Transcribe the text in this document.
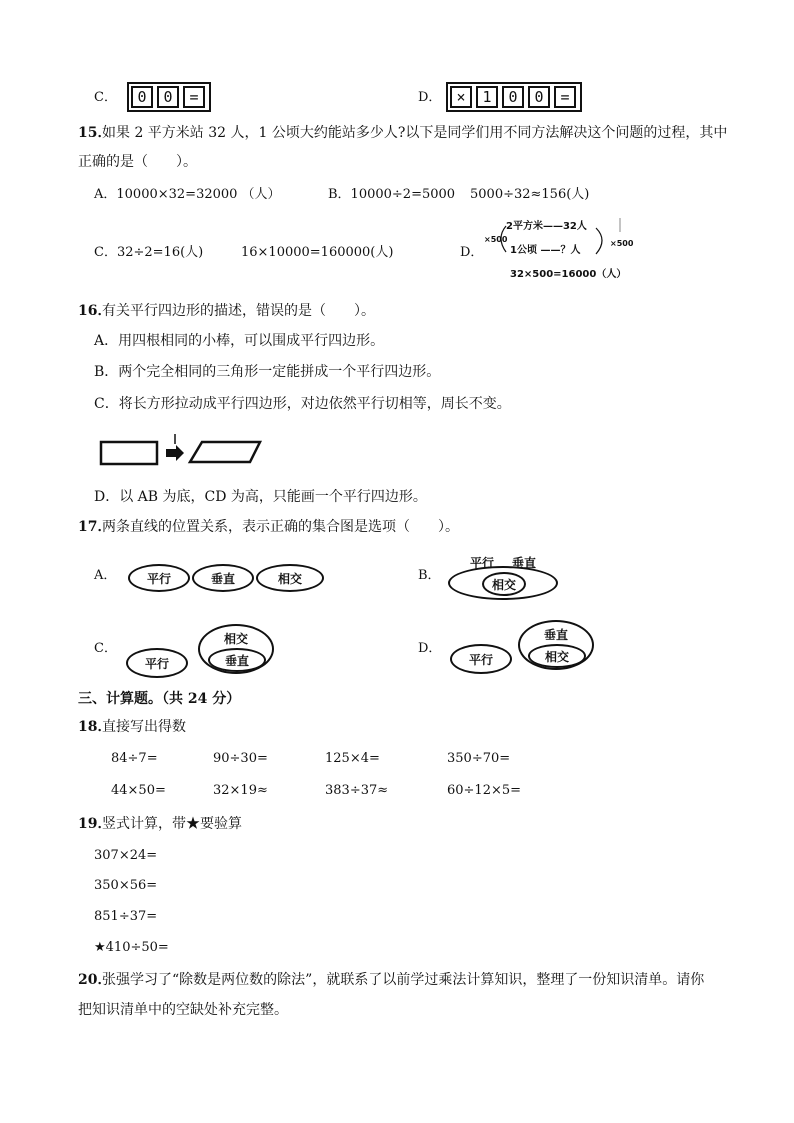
C．	0	0	=	D．	×	1	0	0	=
15．
如果 2 平方米站 32 人，1 公顷大约能站多少人?以下是同学们用不同方法解决这个问题的过程，其中
正确的是（　　）。
A．10000×32=32000 （人）	B．10000÷2=5000 5000÷32≈156(人)
C．32÷2=16(人)	16×10000=160000(人)	D．
2平方米——32人
1公顷 ——？人
32×500=16000（人）
×500	×500
16．
有关平行四边形的描述，错误的是（　　）。
A．用四根相同的小棒，可以围成平行四边形。
B．两个完全相同的三角形一定能拼成一个平行四边形。
C．将长方形拉动成平行四边形，对边依然平行切相等，周长不变。
D．以 AB 为底，CD 为高，只能画一个平行四边形。
17．
两条直线的位置关系，表示正确的集合图是选项（　　）。
A．	平行	垂直	相交	B．
平行 垂直
相交
C．
平行
相交
垂直
D．
平行
垂直
相交
三、计算题。（共 24 分）
18．
直接写出得数
84÷7=	90÷30=	125×4=	350÷70=
44×50=	32×19≈	383÷37≈	60÷12×5=
19．
竖式计算，带★要验算
307×24=
350×56=
851÷37=
★410÷50=
20．
张强学习了“除数是两位数的除法”，就联系了以前学过乘法计算知识，整理了一份知识清单。请你
把知识清单中的空缺处补充完整。
